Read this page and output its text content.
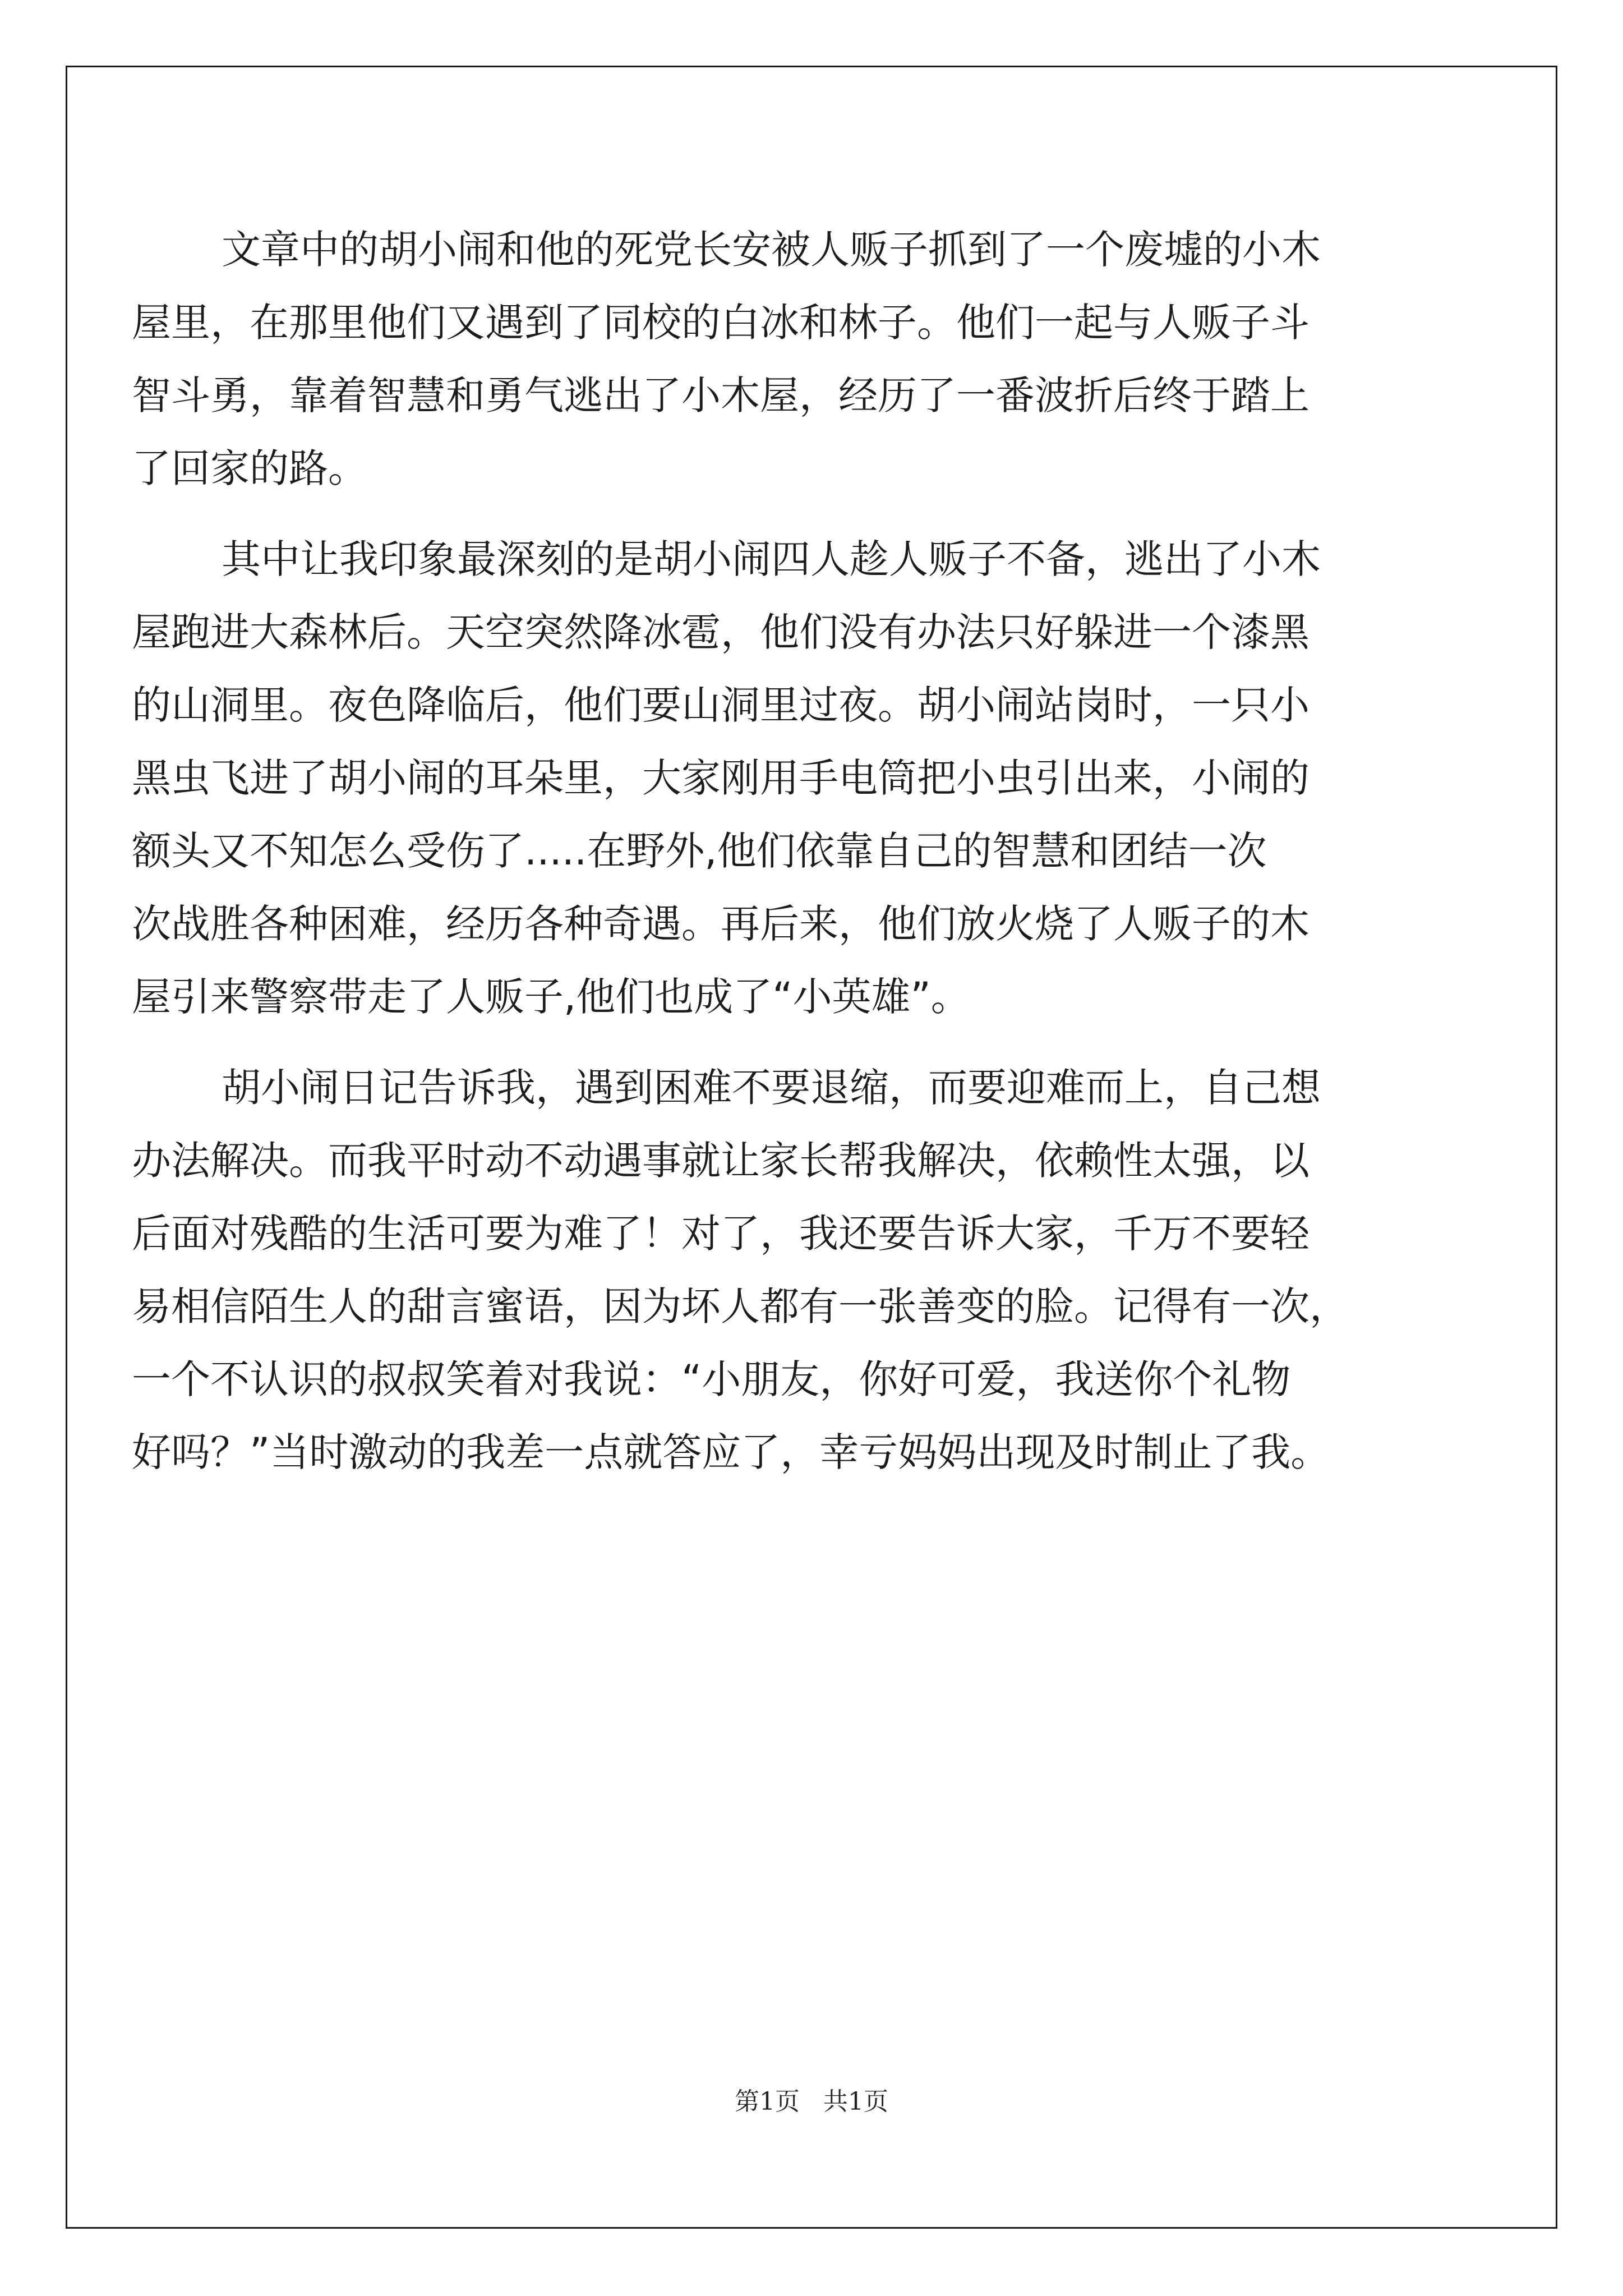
文章中的胡小闹和他的死党长安被人贩子抓到了一个废墟的小木
屋里，在那里他们又遇到了同校的白冰和林子。他们一起与人贩子斗
智斗勇，靠着智慧和勇气逃出了小木屋，经历了一番波折后终于踏上
了回家的路。
其中让我印象最深刻的是胡小闹四人趁人贩子不备，逃出了小木
屋跑进大森林后。天空突然降冰雹，他们没有办法只好躲进一个漆黑
的山洞里。夜色降临后，他们要山洞里过夜。胡小闹站岗时，一只小
黑虫飞进了胡小闹的耳朵里，大家刚用手电筒把小虫引出来，小闹的
额头又不知怎么受伤了.....在野外,他们依靠自己的智慧和团结一次
次战胜各种困难，经历各种奇遇。再后来，他们放火烧了人贩子的木
屋引来警察带走了人贩子,他们也成了“小英雄”。
胡小闹日记告诉我，遇到困难不要退缩，而要迎难而上，自己想
办法解决。而我平时动不动遇事就让家长帮我解决，依赖性太强，以
后面对残酷的生活可要为难了！对了，我还要告诉大家，千万不要轻
易相信陌生人的甜言蜜语，因为坏人都有一张善变的脸。记得有一次，
一个不认识的叔叔笑着对我说：“小朋友，你好可爱，我送你个礼物
好吗？”当时激动的我差一点就答应了，幸亏妈妈出现及时制止了我。
第1页   共1页
